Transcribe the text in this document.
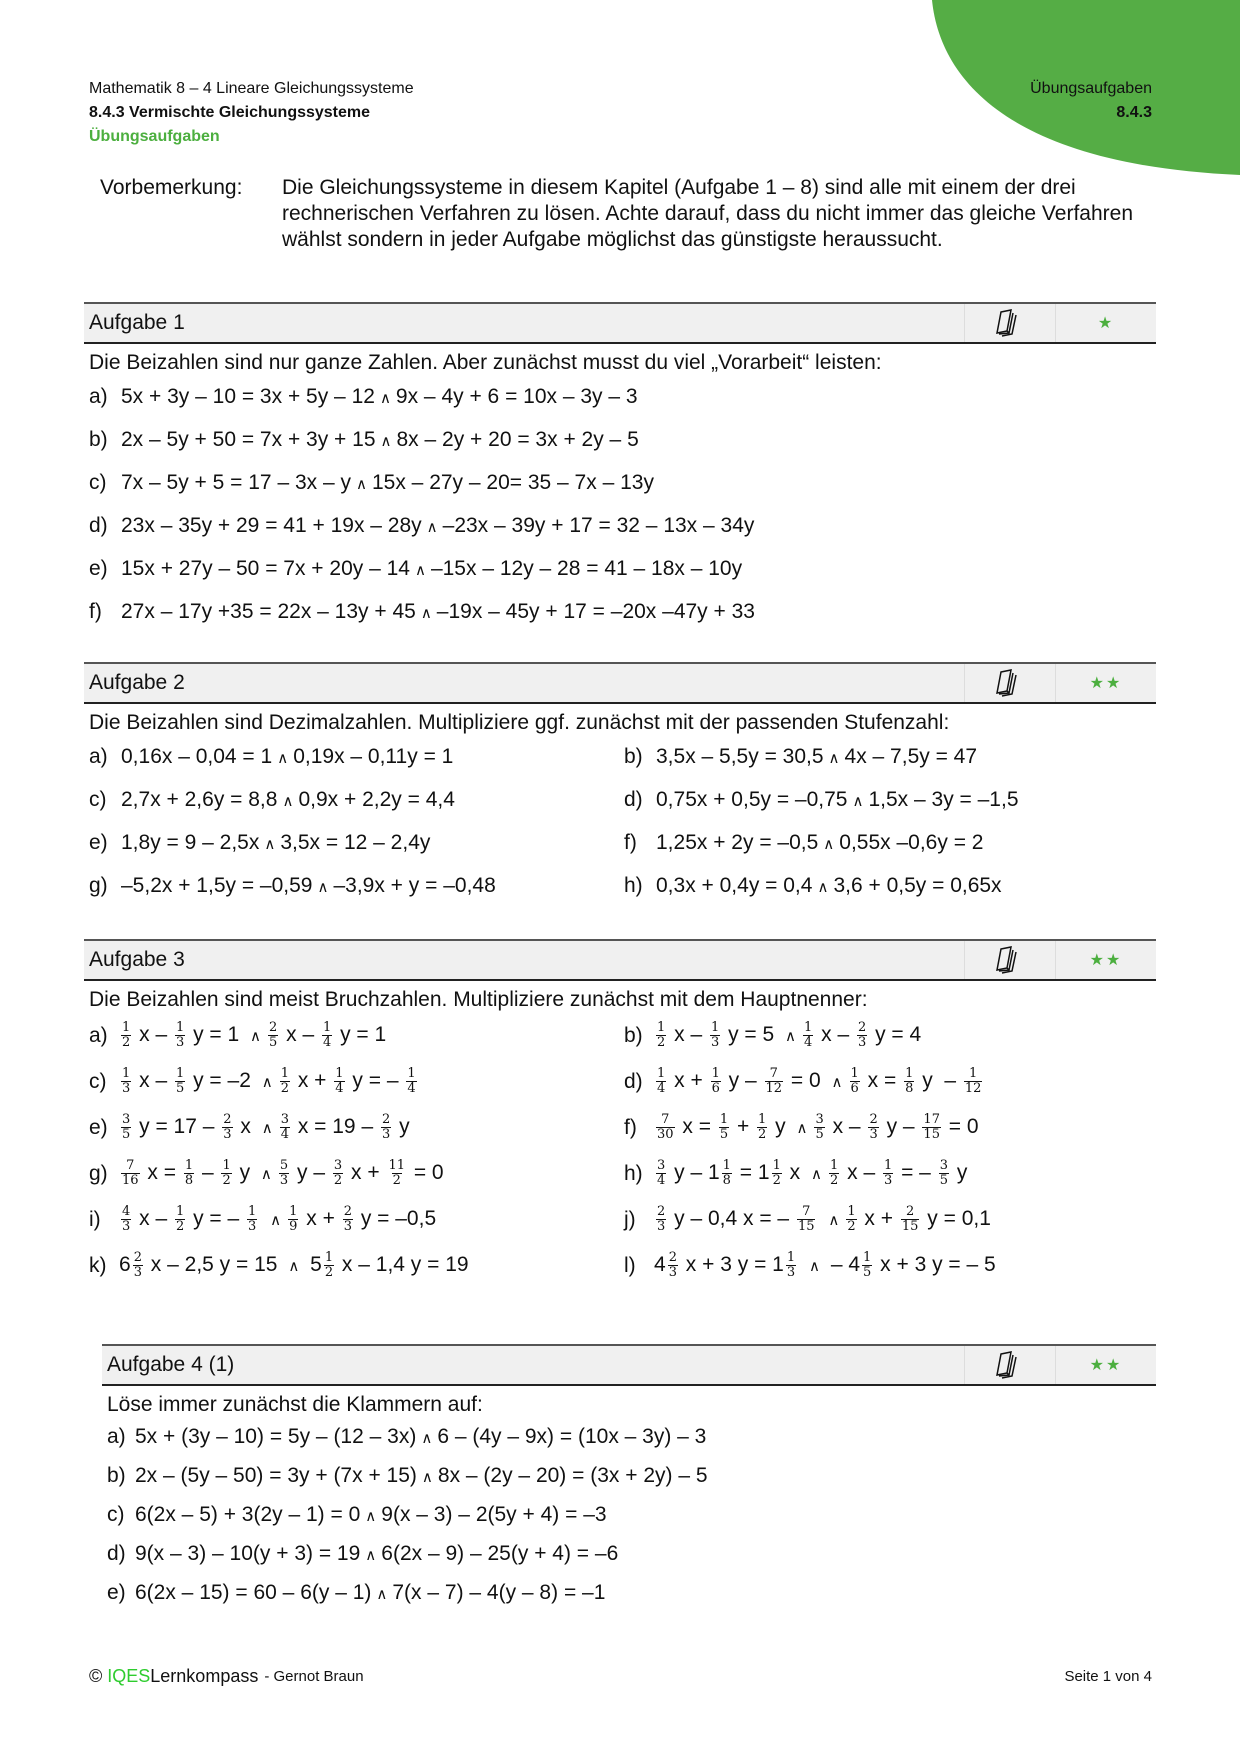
Mathematik 8 – 4 Lineare Gleichungssysteme
8.4.3 Vermischte Gleichungssysteme
Übungsaufgaben
Übungsaufgaben
8.4.3
Vorbemerkung:	Die Gleichungssysteme in diesem Kapitel (Aufgabe 1 – 8) sind alle mit einem der drei rechnerischen Verfahren zu lösen. Achte darauf, dass du nicht immer das gleiche Verfahren wählst sondern in jeder Aufgabe möglichst das günstigste heraussucht.
Aufgabe 1	★
Die Beizahlen sind nur ganze Zahlen. Aber zunächst musst du viel „Vorarbeit“ leisten:
a) 5x + 3y – 10 = 3x + 5y – 12 ∧ 9x – 4y + 6 = 10x – 3y – 3
b) 2x – 5y + 50 = 7x + 3y + 15 ∧ 8x – 2y + 20 = 3x + 2y – 5
c) 7x – 5y + 5 = 17 – 3x – y ∧ 15x – 27y – 20= 35 – 7x – 13y
d) 23x – 35y + 29 = 41 + 19x – 28y ∧ –23x – 39y + 17 = 32 – 13x – 34y
e) 15x + 27y – 50 = 7x + 20y – 14 ∧ –15x – 12y – 28 = 41 – 18x – 10y
f) 27x – 17y +35 = 22x – 13y + 45 ∧ –19x – 45y + 17 = –20x –47y + 33
Aufgabe 2	★★
Die Beizahlen sind Dezimalzahlen. Multipliziere ggf. zunächst mit der passenden Stufenzahl:
a) 0,16x – 0,04 = 1 ∧ 0,19x – 0,11y = 1	b) 3,5x – 5,5y = 30,5 ∧ 4x – 7,5y = 47
c) 2,7x + 2,6y = 8,8 ∧ 0,9x + 2,2y = 4,4	d) 0,75x + 0,5y = –0,75 ∧ 1,5x – 3y = –1,5
e) 1,8y = 9 – 2,5x ∧ 3,5x = 12 – 2,4y	f) 1,25x + 2y = –0,5 ∧ 0,55x –0,6y = 2
g) –5,2x + 1,5y = –0,59 ∧ –3,9x + y = –0,48	h) 0,3x + 0,4y = 0,4 ∧ 3,6 + 0,5y = 0,65x
Aufgabe 3	★★
Die Beizahlen sind meist Bruchzahlen. Multipliziere zunächst mit dem Hauptnenner:
a)	$\frac{1}{2}$ x – $\frac{1}{3}$ y = 1 ∧ $\frac{2}{5}$ x – $\frac{1}{4}$ y = 1	b)	$\frac{1}{2}$ x – $\frac{1}{3}$ y = 5 ∧ $\frac{1}{4}$ x – $\frac{2}{3}$ y = 4
c)	$\frac{1}{3}$ x – $\frac{1}{5}$ y = –2 ∧ $\frac{1}{2}$ $x + \frac{1}{4}$ y = – $\frac{1}{4}$	d)	$\frac{1}{4}$ $x + \frac{1}{6}$ $y - \frac{7}{12} = 0$ ∧ $\frac{1}{6}$ $x = \frac{1}{8}$ y  – $\frac{1}{12}$
e)	$\frac{3}{5}$ $y = 17 - \frac{2}{3}$ x ∧ $\frac{3}{4}$ $x = 19 - \frac{2}{3}$ y	f)	$\frac{7}{30}$ $x = \frac{1}{5} + \frac{1}{2}$ y ∧ $\frac{3}{5}$ x – $\frac{2}{3}$ $y - \frac{17}{15} = 0$
g)	$\frac{7}{16}$ $x = \frac{1}{8} - \frac{1}{2}$ y ∧ $\frac{5}{3}$ y – $\frac{3}{2}$ $x + \frac{11}{2} = 0$	h)	$\frac{3}{4}$ $y - 1 \frac{1}{8} = 1 \frac{1}{2}$ x ∧ $\frac{1}{2}$ x – $\frac{1}{3}$ = – $\frac{3}{5}$ y
i)	$\frac{4}{3}$ x – $\frac{1}{2}$ y = – $\frac{1}{3}$ ∧ $\frac{1}{9}$ $x + \frac{2}{3}$ y = –0,5	j)	$\frac{2}{3}$ y – 0,4 x = – $\frac{7}{15}$ ∧ $\frac{1}{2}$ $x + \frac{2}{15}$ y = 0,1
k) $6 \frac{2}{3}$ x – 2,5 y = 15 ∧ $5 \frac{1}{2}$ x – 1,4 y = 19	l) $4 \frac{2}{3}$ x + 3 $y = 1 \frac{1}{3}$ ∧ – $4 \frac{1}{5}$ x + 3 y = – 5
Aufgabe 4 (1)	★★
Löse immer zunächst die Klammern auf:
a) 5x + (3y – 10) = 5y – (12 – 3x) ∧ 6 – (4y – 9x) = (10x – 3y) – 3
b) 2x – (5y – 50) = 3y + (7x + 15) ∧ 8x – (2y – 20) = (3x + 2y) – 5
c) 6(2x – 5) + 3(2y – 1) = 0 ∧ 9(x – 3) – 2(5y + 4) = –3
d) 9(x – 3) – 10(y + 3) = 19 ∧ 6(2x – 9) – 25(y + 4) = –6
e) 6(2x – 15) = 60 – 6(y – 1) ∧ 7(x – 7) – 4(y – 8) = –1
© IQES Lernkompass - Gernot Braun	Seite 1 von 4
